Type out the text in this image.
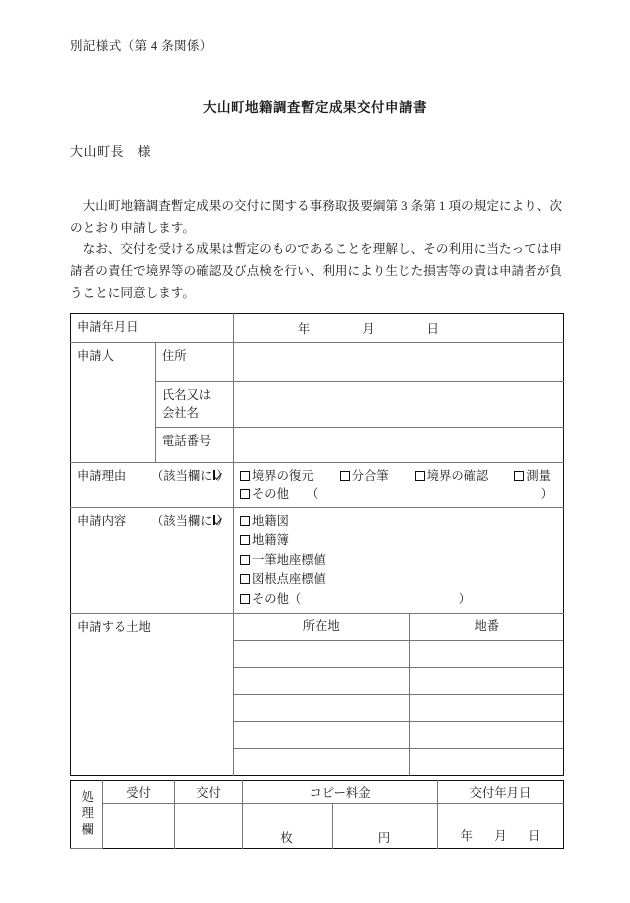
別記様式（第 4 条関係）
大山町地籍調査暫定成果交付申請書
大山町長　様

大山町地籍調査暫定成果の交付に関する事務取扱要綱第 3 条第 1 項の規定により、次のとおり申請します。

なお、交付を受ける成果は暫定のものであることを理解し、その利用に当たっては申請者の責任で境界等の確認及び点検を行い、利用により生じた損害等の責は申請者が負うことに同意します。

申請年月日	年	月	日

申請人	住所	

氏名又は
会社名

電話番号	

申請理由	（該当欄に ）	境界の復元	分合筆	境界の確認	測量
その他 （	）

申請内容	（該当欄に ）	地籍図
地籍簿
一筆地座標値
図根点座標値
その他（	）

申請する土地		所在地	地番

処理欄	受付	交付	コピー料金		交付年月日
			枚	円	年 月 日
